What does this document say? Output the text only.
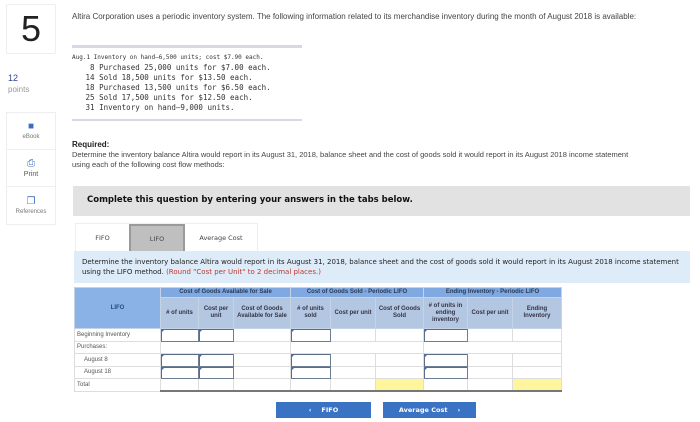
5
12
points
■
eBook
⎙
Print
❐
References
Altira Corporation uses a periodic inventory system. The following information related to its merchandise inventory during the month of August 2018 is available:
Aug.1 Inventory on hand—6,500 units; cost $7.90 each.
8 Purchased 25,000 units for $7.00 each.
14 Sold 18,500 units for $13.50 each.
18 Purchased 13,500 units for $6.50 each.
25 Sold 17,500 units for $12.50 each.
31 Inventory on hand—9,000 units.
Required:
Determine the inventory balance Altira would report in its August 31, 2018, balance sheet and the cost of goods sold it would report in its August 2018 income statement using each of the following cost flow methods:
Complete this question by entering your answers in the tabs below.
FIFO	LIFO	Average Cost
Determine the inventory balance Altira would report in its August 31, 2018, balance sheet and the cost of goods sold it would report in its August 2018 income statement using the LIFO method. (Round "Cost per Unit" to 2 decimal places.)
LIFO	Cost of Goods Available for Sale			Cost of Goods Sold - Periodic LIFO			Ending Inventory - Periodic LIFO		
	# of units	Cost per unit	Cost of Goods Available for Sale	# of units sold	Cost per unit	Cost of Goods Sold	# of units in ending inventory	Cost per unit	Ending Inventory
Beginning Inventory									
Purchases:									
August 8									
August 18									
Total									
‹ FIFO	Average Cost ›
